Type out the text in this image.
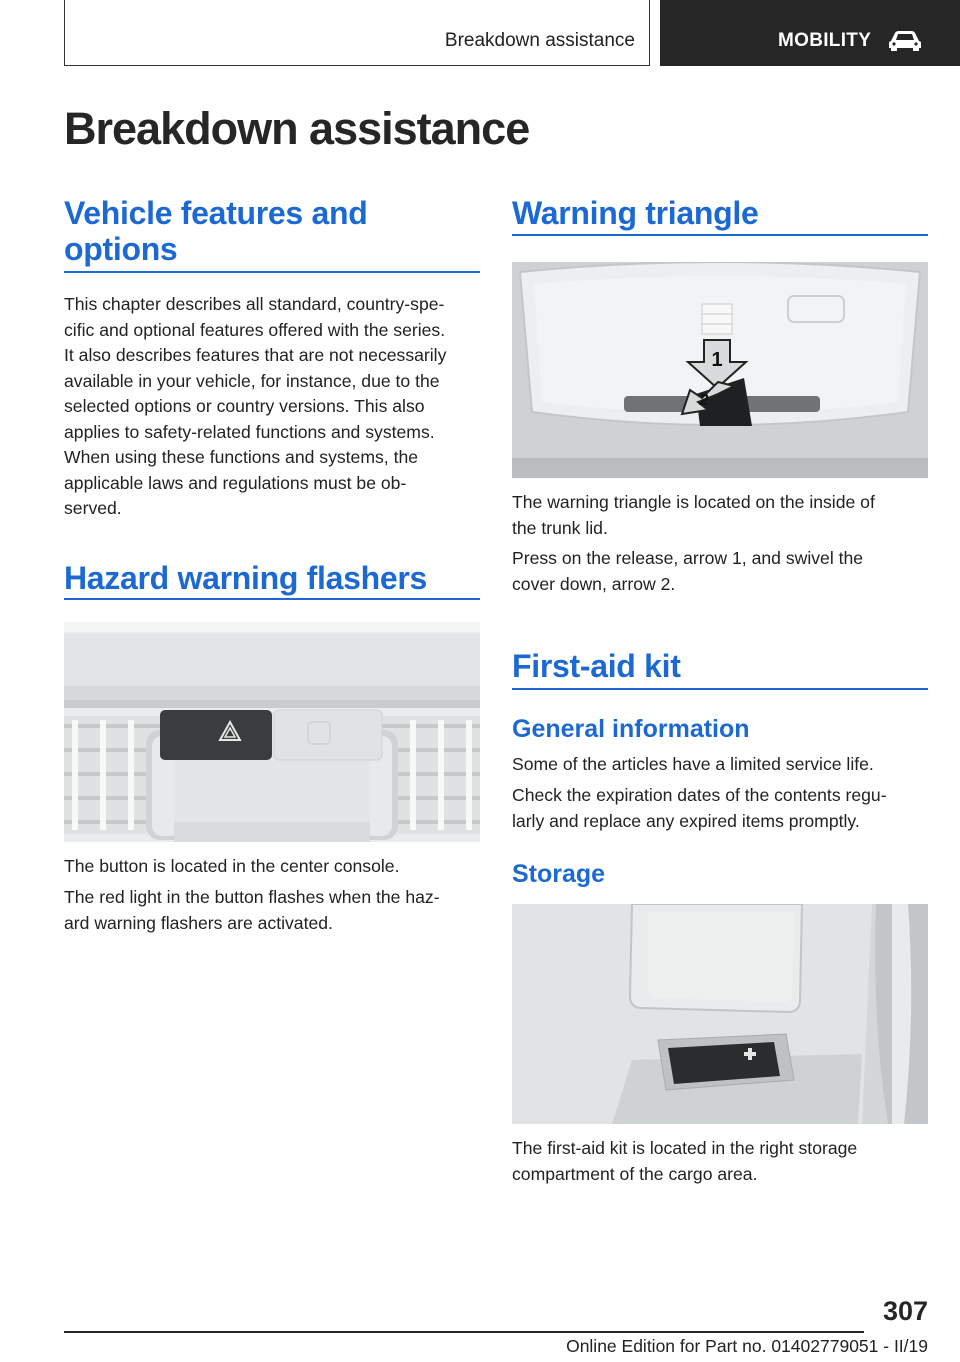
Breakdown assistance	MOBILITY
Breakdown assistance
Vehicle features and
options
This chapter describes all standard, country-spe-
cific and optional features offered with the series.
It also describes features that are not necessarily
available in your vehicle, for instance, due to the
selected options or country versions. This also
applies to safety-related functions and systems.
When using these functions and systems, the
applicable laws and regulations must be ob-
served.
Hazard warning flashers
The button is located in the center console.
The red light in the button flashes when the haz-
ard warning flashers are activated.
Warning triangle
1
2
The warning triangle is located on the inside of
the trunk lid.
Press on the release, arrow 1, and swivel the
cover down, arrow 2.
First-aid kit
General information
Some of the articles have a limited service life.
Check the expiration dates of the contents regu-
larly and replace any expired items promptly.
Storage
The first-aid kit is located in the right storage
compartment of the cargo area.
307
Online Edition for Part no. 01402779051 - II/19
